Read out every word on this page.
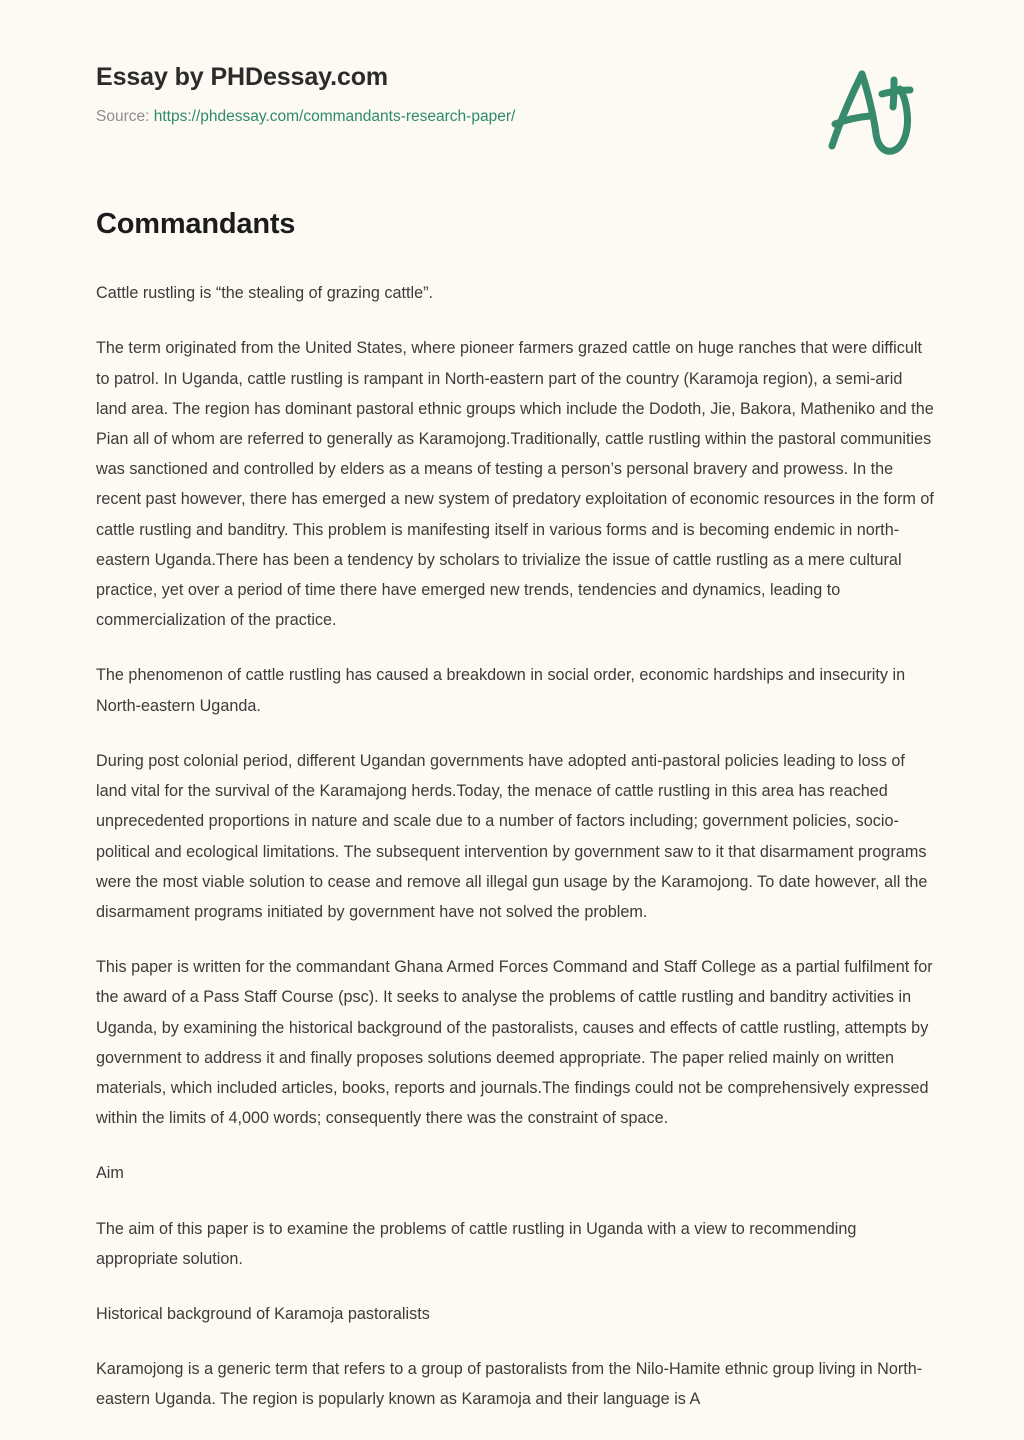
Essay by PHDessay.com
Source: https://phdessay.com/commandants-research-paper/
Commandants

Cattle rustling is “the stealing of grazing cattle”.

The term originated from the United States, where pioneer farmers grazed cattle on huge ranches that were difficult to patrol. In Uganda, cattle rustling is rampant in North-eastern part of the country (Karamoja region), a semi-arid land area. The region has dominant pastoral ethnic groups which include the Dodoth, Jie, Bakora, Matheniko and the Pian all of whom are referred to generally as Karamojong.Traditionally, cattle rustling within the pastoral communities was sanctioned and controlled by elders as a means of testing a person’s personal bravery and prowess. In the recent past however, there has emerged a new system of predatory exploitation of economic resources in the form of cattle rustling and banditry. This problem is manifesting itself in various forms and is becoming endemic in north-eastern Uganda.There has been a tendency by scholars to trivialize the issue of cattle rustling as a mere cultural practice, yet over a period of time there have emerged new trends, tendencies and dynamics, leading to commercialization of the practice.

The phenomenon of cattle rustling has caused a breakdown in social order, economic hardships and insecurity in North-eastern Uganda.

During post colonial period, different Ugandan governments have adopted anti-pastoral policies leading to loss of land vital for the survival of the Karamajong herds.Today, the menace of cattle rustling in this area has reached unprecedented proportions in nature and scale due to a number of factors including; government policies, socio-political and ecological limitations. The subsequent intervention by government saw to it that disarmament programs were the most viable solution to cease and remove all illegal gun usage by the Karamojong. To date however, all the disarmament programs initiated by government have not solved the problem.

This paper is written for the commandant Ghana Armed Forces Command and Staff College as a partial fulfilment for the award of a Pass Staff Course (psc). It seeks to analyse the problems of cattle rustling and banditry activities in Uganda, by examining the historical background of the pastoralists, causes and effects of cattle rustling, attempts by government to address it and finally proposes solutions deemed appropriate. The paper relied mainly on written materials, which included articles, books, reports and journals.The findings could not be comprehensively expressed within the limits of 4,000 words; consequently there was the constraint of space.

Aim

The aim of this paper is to examine the problems of cattle rustling in Uganda with a view to recommending appropriate solution.

Historical background of Karamoja pastoralists

Karamojong is a generic term that refers to a group of pastoralists from the Nilo-Hamite ethnic group living in North-eastern Uganda. The region is popularly known as Karamoja and their language is A
